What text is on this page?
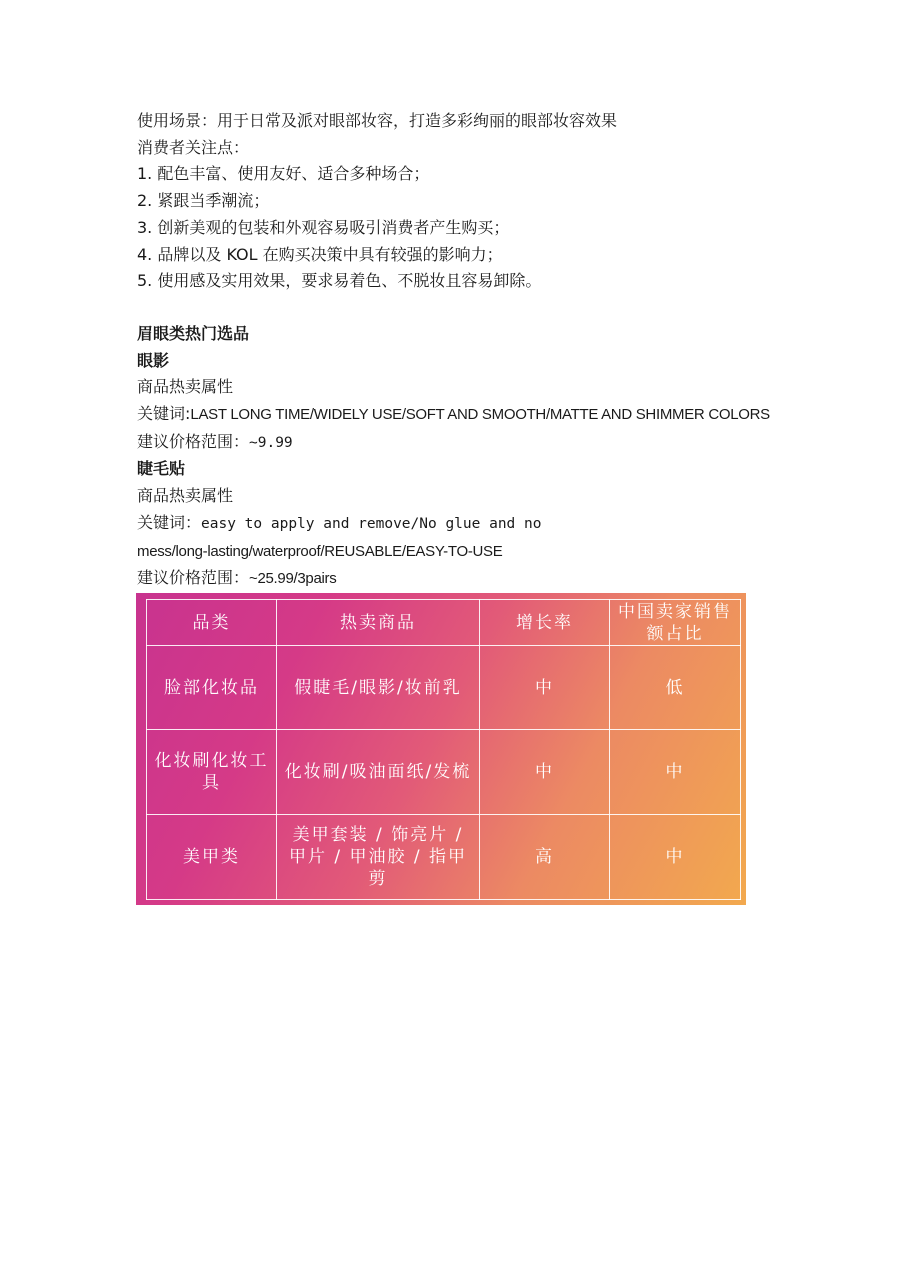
使用场景：用于日常及派对眼部妆容，打造多彩绚丽的眼部妆容效果
消费者关注点：
1. 配色丰富、使用友好、适合多种场合；
2. 紧跟当季潮流；
3. 创新美观的包装和外观容易吸引消费者产生购买；
4. 品牌以及 KOL 在购买决策中具有较强的影响力；
5. 使用感及实用效果，要求易着色、不脱妆且容易卸除。
眉眼类热门选品
眼影
商品热卖属性
关键词:LAST LONG TIME/WIDELY USE/SOFT AND SMOOTH/MATTE AND SHIMMER COLORS
建议价格范围：~9.99
睫毛贴
商品热卖属性
关键词：easy to apply and remove/No glue and no
mess/long-lasting/waterproof/REUSABLE/EASY-TO-USE
建议价格范围：~25.99/3pairs
品类	热卖商品	增长率	中国卖家销售额占比
脸部化妆品	假睫毛/眼影/妆前乳	中	低
化妆刷化妆工具	化妆刷/吸油面纸/发梳	中	中
美甲类	美甲套装 / 饰亮片 / 甲片 / 甲油胶 / 指甲剪	高	中
